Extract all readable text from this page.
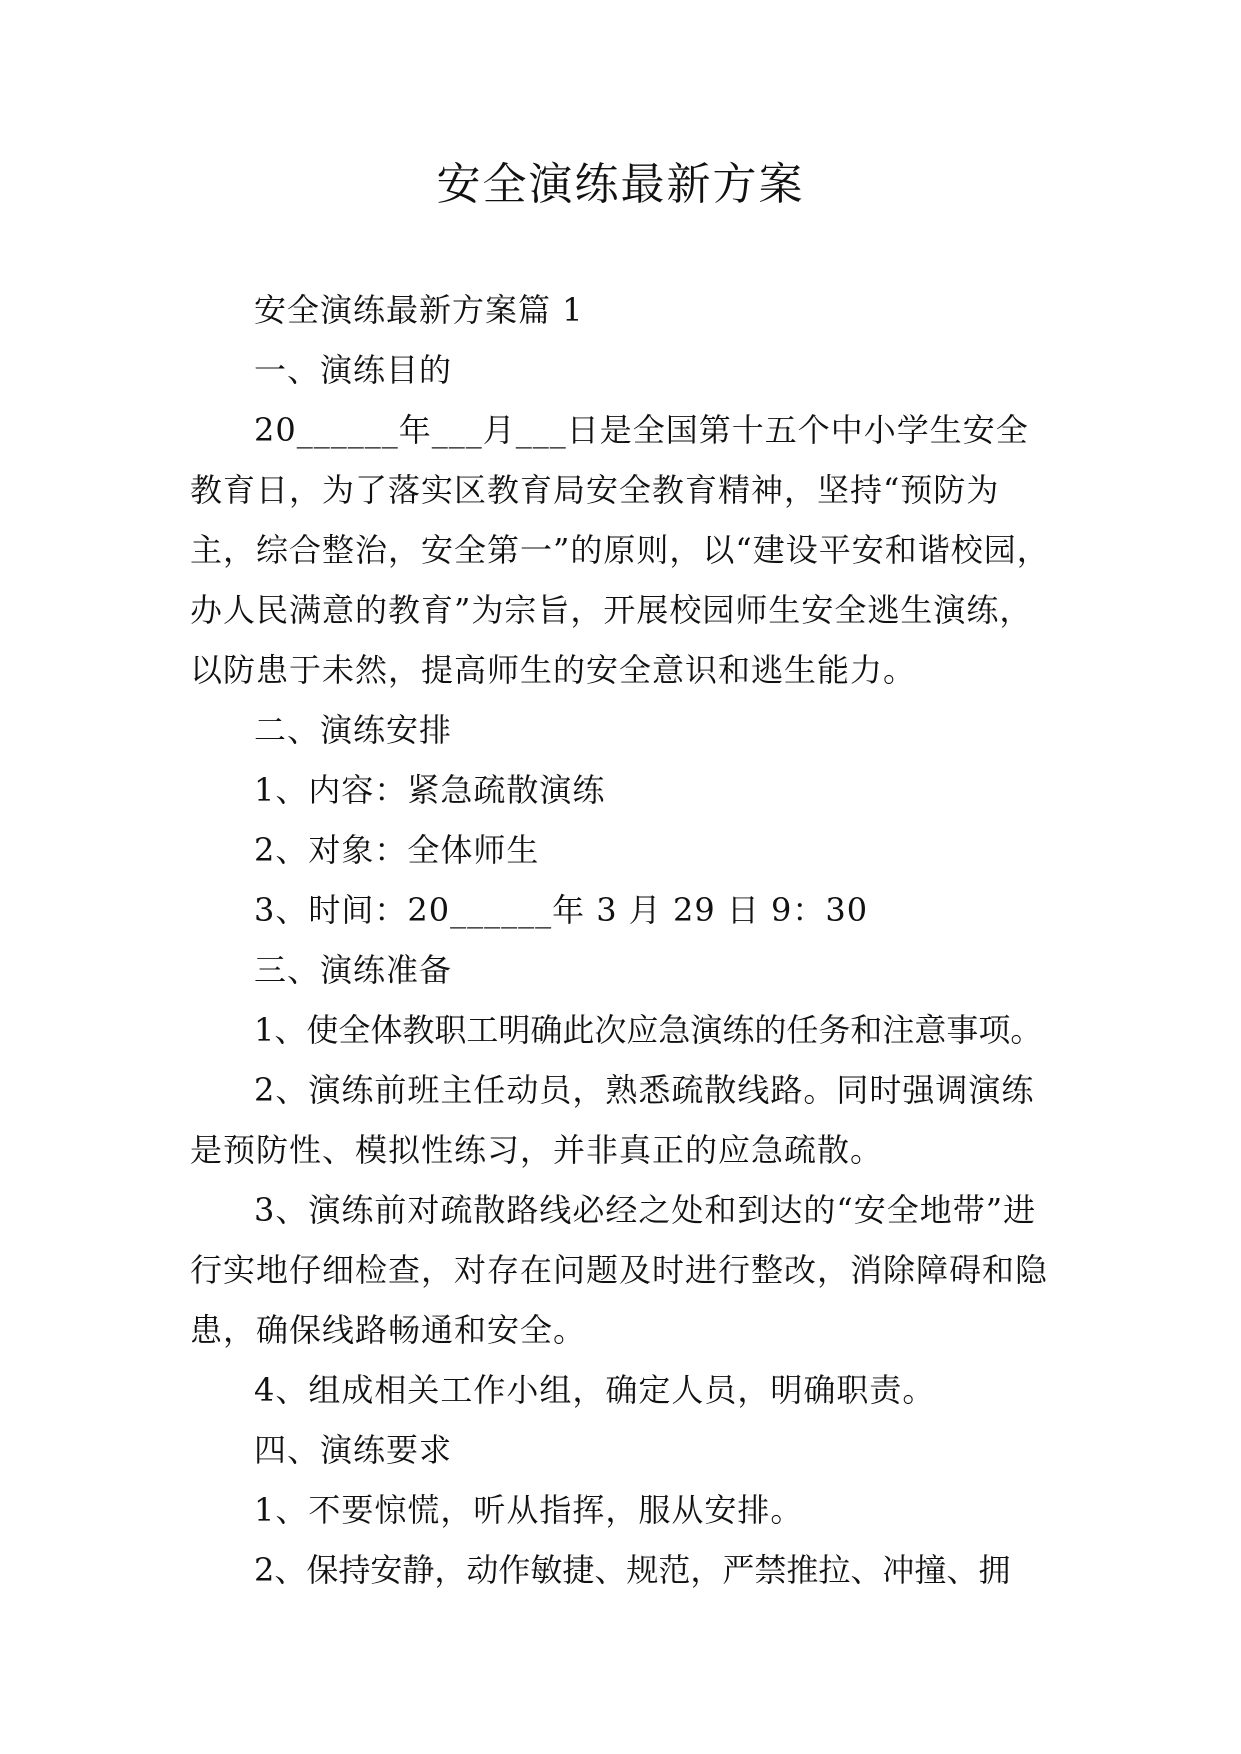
安全演练最新方案

安全演练最新方案篇 1

一、演练目的

20______年___月___日是全国第十五个中小学生安全教育日，为了落实区教育局安全教育精神，坚持“预防为主，综合整治，安全第一”的原则，以“建设平安和谐校园，办人民满意的教育”为宗旨，开展校园师生安全逃生演练，以防患于未然，提高师生的安全意识和逃生能力。

二、演练安排

1、内容：紧急疏散演练

2、对象：全体师生

3、时间：20______年 3 月 29 日 9：30

三、演练准备

1、使全体教职工明确此次应急演练的任务和注意事项。

2、演练前班主任动员，熟悉疏散线路。同时强调演练是预防性、模拟性练习，并非真正的应急疏散。

3、演练前对疏散路线必经之处和到达的“安全地带”进行实地仔细检查，对存在问题及时进行整改，消除障碍和隐患，确保线路畅通和安全。

4、组成相关工作小组，确定人员，明确职责。

四、演练要求

1、不要惊慌，听从指挥，服从安排。

2、保持安静，动作敏捷、规范，严禁推拉、冲撞、拥
